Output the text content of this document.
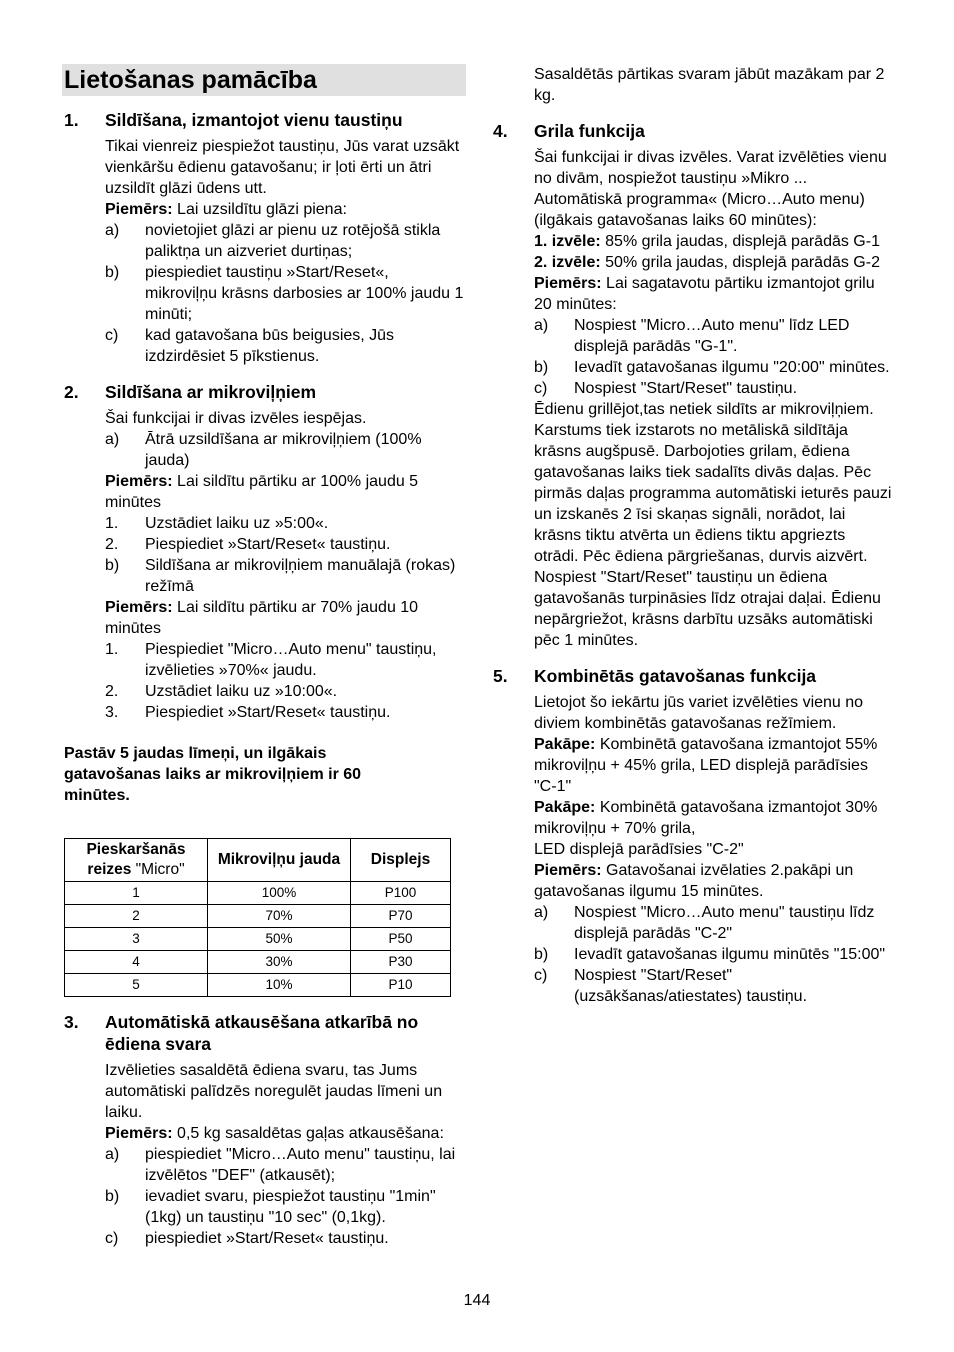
Lietošanas pamācība
1.	Sildīšana, izmantojot vienu taustiņu

Tikai vienreiz piespiežot taustiņu, Jūs varat uzsākt vienkāršu ēdienu gatavošanu; ir ļoti ērti un ātri uzsildīt glāzi ūdens utt.

Piemērs: Lai uzsildītu glāzi piena:

a)	novietojiet glāzi ar pienu uz rotējošā stikla paliktņa un aizveriet durtiņas;
b)	piespiediet taustiņu »Start/Reset«, mikroviļņu krāsns darbosies ar 100% jaudu 1 minūti;
c)	kad gatavošana būs beigusies, Jūs izdzirdēsiet 5 pīkstienus.
2.	Sildīšana ar mikroviļņiem

Šai funkcijai ir divas izvēles iespējas.

a)	Ātrā uzsildīšana ar mikroviļņiem (100% jauda)

Piemērs: Lai sildītu pārtiku ar 100% jaudu 5 minūtes

1.	Uzstādiet laiku uz »5:00«.
2.	Piespiediet »Start/Reset« taustiņu.
b)	Sildīšana ar mikroviļņiem manuālajā (rokas) režīmā

Piemērs: Lai sildītu pārtiku ar 70% jaudu 10 minūtes

1.	Piespiediet "Micro…Auto menu" taustiņu, izvēlieties »70%« jaudu.
2.	Uzstādiet laiku uz »10:00«.
3.	Piespiediet »Start/Reset« taustiņu.

Pastāv 5 jaudas līmeņi, un ilgākais gatavošanas laiks ar mikroviļņiem ir 60 minūtes.

Pieskaršanās
reizes "Micro"	Mikroviļņu jauda	Displejs
1	100%	P100
2	70%	P70
3	50%	P50
4	30%	P30
5	10%	P10
3.	Automātiskā atkausēšana atkarībā no ēdiena svara

Izvēlieties sasaldētā ēdiena svaru, tas Jums automātiski palīdzēs noregulēt jaudas līmeni un laiku.

Piemērs: 0,5 kg sasaldētas gaļas atkausēšana:

a)	piespiediet "Micro…Auto menu" taustiņu, lai izvēlētos "DEF" (atkausēt);
b)	ievadiet svaru, piespiežot taustiņu "1min" (1kg) un taustiņu "10 sec" (0,1kg).
c)	piespiediet »Start/Reset« taustiņu.

Sasaldētās pārtikas svaram jābūt mazākam par 2 kg.

4.	Grila funkcija

Šai funkcijai ir divas izvēles. Varat izvēlēties vienu no divām, nospiežot taustiņu »Mikro ... Automātiskā programma« (Micro…Auto menu) (ilgākais gatavošanas laiks 60 minūtes):

1. izvēle: 85% grila jaudas, displejā parādās G-1

2. izvēle: 50% grila jaudas, displejā parādās G-2

Piemērs: Lai sagatavotu pārtiku izmantojot grilu 20 minūtes:

a)	Nospiest "Micro…Auto menu" līdz LED displejā parādās "G-1".
b)	Ievadīt gatavošanas ilgumu "20:00" minūtes.
c)	Nospiest "Start/Reset" taustiņu.

Ēdienu grillējot,tas netiek sildīts ar mikroviļņiem. Karstums tiek izstarots no metāliskā sildītāja krāsns augšpusē. Darbojoties grilam, ēdiena gatavošanas laiks tiek sadalīts divās daļas. Pēc pirmās daļas programma automātiski ieturēs pauzi un izskanēs 2 īsi skaņas signāli, norādot, lai krāsns tiktu atvērta un ēdiens tiktu apgriezts otrādi. Pēc ēdiena pārgriešanas, durvis aizvērt. Nospiest "Start/Reset" taustiņu un ēdiena gatavošanās turpināsies līdz otrajai daļai. Ēdienu nepārgriežot, krāsns darbītu uzsāks automātiski pēc 1 minūtes.

5.	Kombinētās gatavošanas funkcija

Lietojot šo iekārtu jūs variet izvēlēties vienu no diviem kombinētās gatavošanas režīmiem.

Pakāpe: Kombinētā gatavošana izmantojot 55% mikroviļņu + 45% grila, LED displejā parādīsies "C-1"

Pakāpe: Kombinētā gatavošana izmantojot 30% mikroviļņu + 70% grila,

LED displejā parādīsies "C-2"

Piemērs: Gatavošanai izvēlaties 2.pakāpi un gatavošanas ilgumu 15 minūtes.

a)	Nospiest "Micro…Auto menu" taustiņu līdz displejā parādās "C-2"
b)	Ievadīt gatavošanas ilgumu minūtēs "15:00"
c)	Nospiest "Start/Reset" (uzsākšanas/atiestates) taustiņu.
144
